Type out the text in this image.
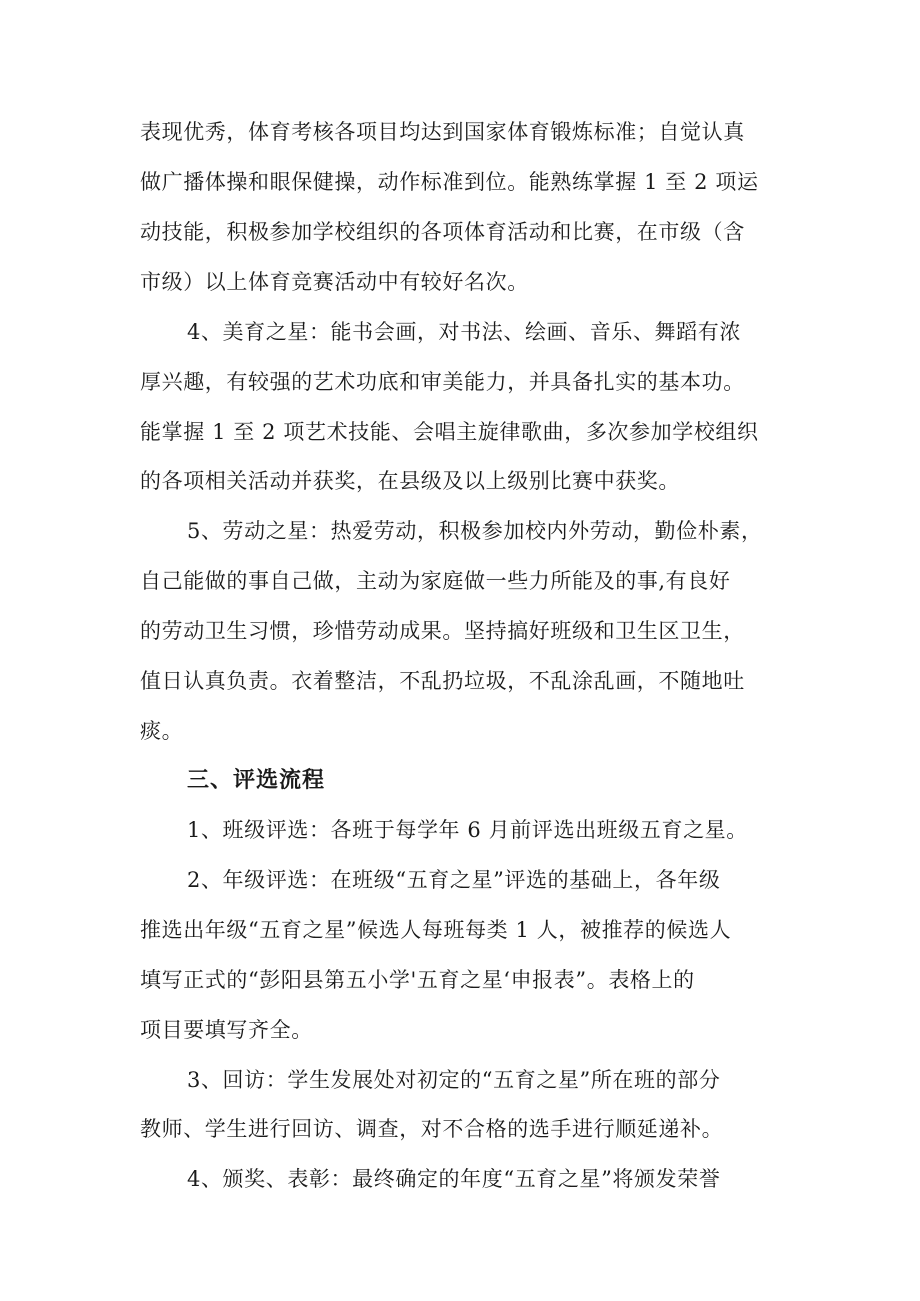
表现优秀，体育考核各项目均达到国家体育锻炼标准；自觉认真
做广播体操和眼保健操，动作标准到位。能熟练掌握 1 至 2 项运
动技能，积极参加学校组织的各项体育活动和比赛，在市级（含
市级）以上体育竞赛活动中有较好名次。
4、美育之星：能书会画，对书法、绘画、音乐、舞蹈有浓
厚兴趣，有较强的艺术功底和审美能力，并具备扎实的基本功。
能掌握 1 至 2 项艺术技能、会唱主旋律歌曲，多次参加学校组织
的各项相关活动并获奖，在县级及以上级别比赛中获奖。
5、劳动之星：热爱劳动，积极参加校内外劳动，勤俭朴素，
自己能做的事自己做，主动为家庭做一些力所能及的事,有良好
的劳动卫生习惯，珍惜劳动成果。坚持搞好班级和卫生区卫生，
值日认真负责。衣着整洁，不乱扔垃圾，不乱涂乱画，不随地吐
痰。
三、评选流程
1、班级评选：各班于每学年 6 月前评选出班级五育之星。
2、年级评选：在班级“五育之星”评选的基础上，各年级
推选出年级“五育之星”候选人每班每类 1 人，被推荐的候选人
填写正式的“彭阳县第五小学'五育之星‘申报表”。表格上的
项目要填写齐全。
3、回访：学生发展处对初定的“五育之星”所在班的部分
教师、学生进行回访、调查，对不合格的选手进行顺延递补。
4、颁奖、表彰：最终确定的年度“五育之星”将颁发荣誉
